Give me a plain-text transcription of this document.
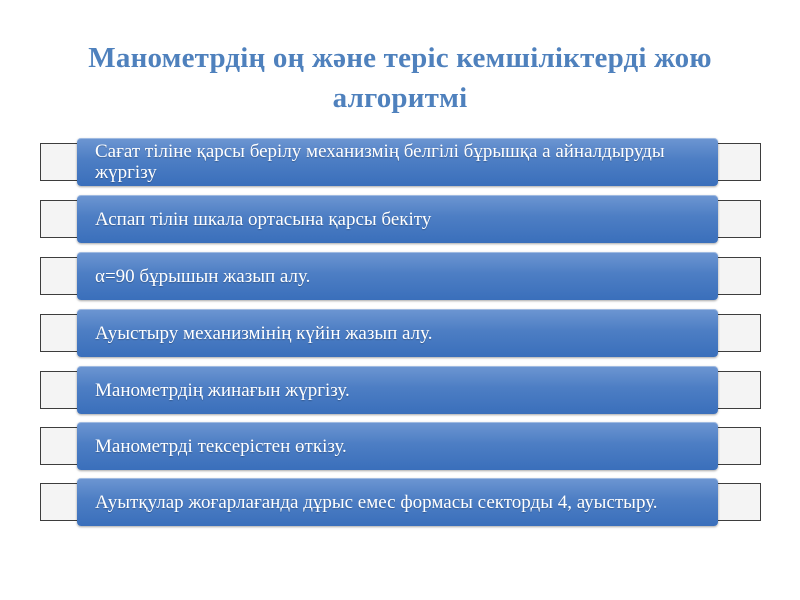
Манометрдің оң және теріс кемшіліктерді жою алгоритмі
Сағат тіліне қарсы берілу механизмің белгілі бұрышқа а айналдыруды жүргізу
Аспап тілін шкала ортасына қарсы бекіту
α=90 бұрышын жазып алу.
Ауыстыру механизмінің күйін жазып алу.
Манометрдің жинағын жүргізу.
Манометрді тексерістен өткізу.
Ауытқулар жоғарлағанда дұрыс емес формасы секторды 4, ауыстыру.
